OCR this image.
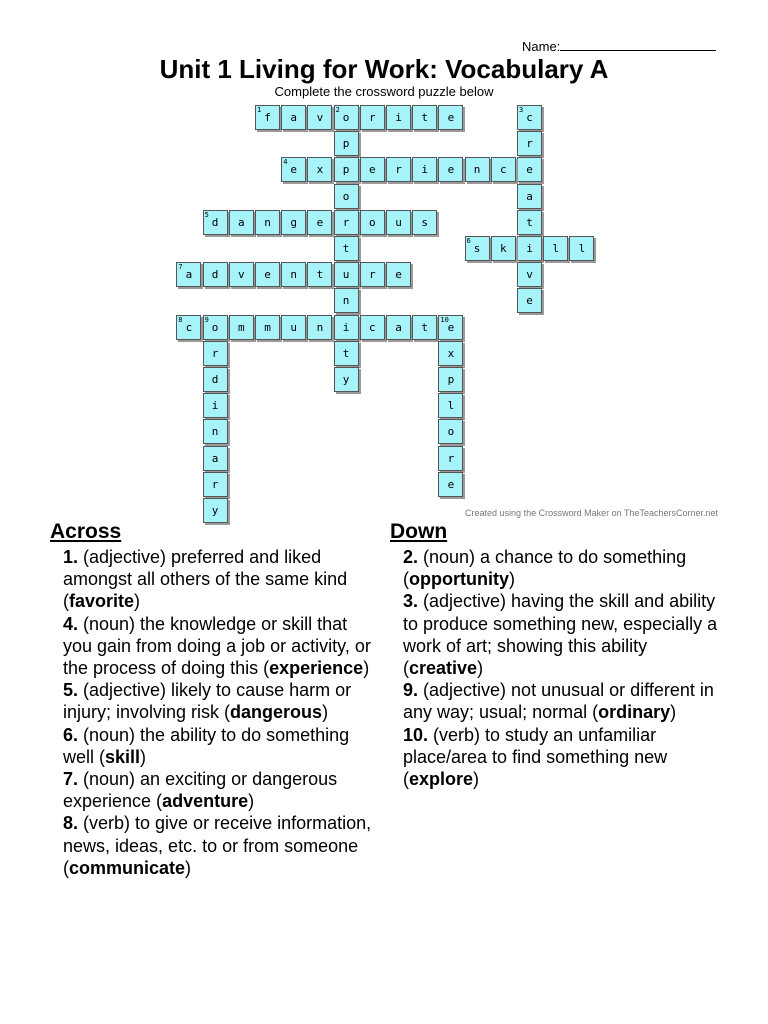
Name:
Unit 1 Living for Work: Vocabulary A
Complete the crossword puzzle below
1
f	a	v
2
o	r	i	t	e
p
p
o
r
t
u
n
i
t
y
3
c
r
e
a
t
i
v
e
4
e	x	e	r	i	e	n	c
5
d	a	n	g	e	o	u	s
6
s	k	l	l
7
a	d	v	e	n	t	r	e
8
c
9
o	m	m	u	n	c	a	t
10
e
r
d
i
n
a
r
y
x
p
l
o
r
e
Created using the Crossword Maker on TheTeachersCorner.net
Across
1. (adjective) preferred and liked amongst all others of the same kind (favorite)
4. (noun) the knowledge or skill that you gain from doing a job or activity, or the process of doing this (experience)
5. (adjective) likely to cause harm or injury; involving risk (dangerous)
6. (noun) the ability to do something well (skill)
7. (noun) an exciting or dangerous experience (adventure)
8. (verb) to give or receive information, news, ideas, etc. to or from someone (communicate)
Down
2. (noun) a chance to do something (opportunity)
3. (adjective) having the skill and ability to produce something new, especially a work of art; showing this ability (creative)
9. (adjective) not unusual or different in any way; usual; normal (ordinary)
10. (verb) to study an unfamiliar place/area to find something new (explore)
